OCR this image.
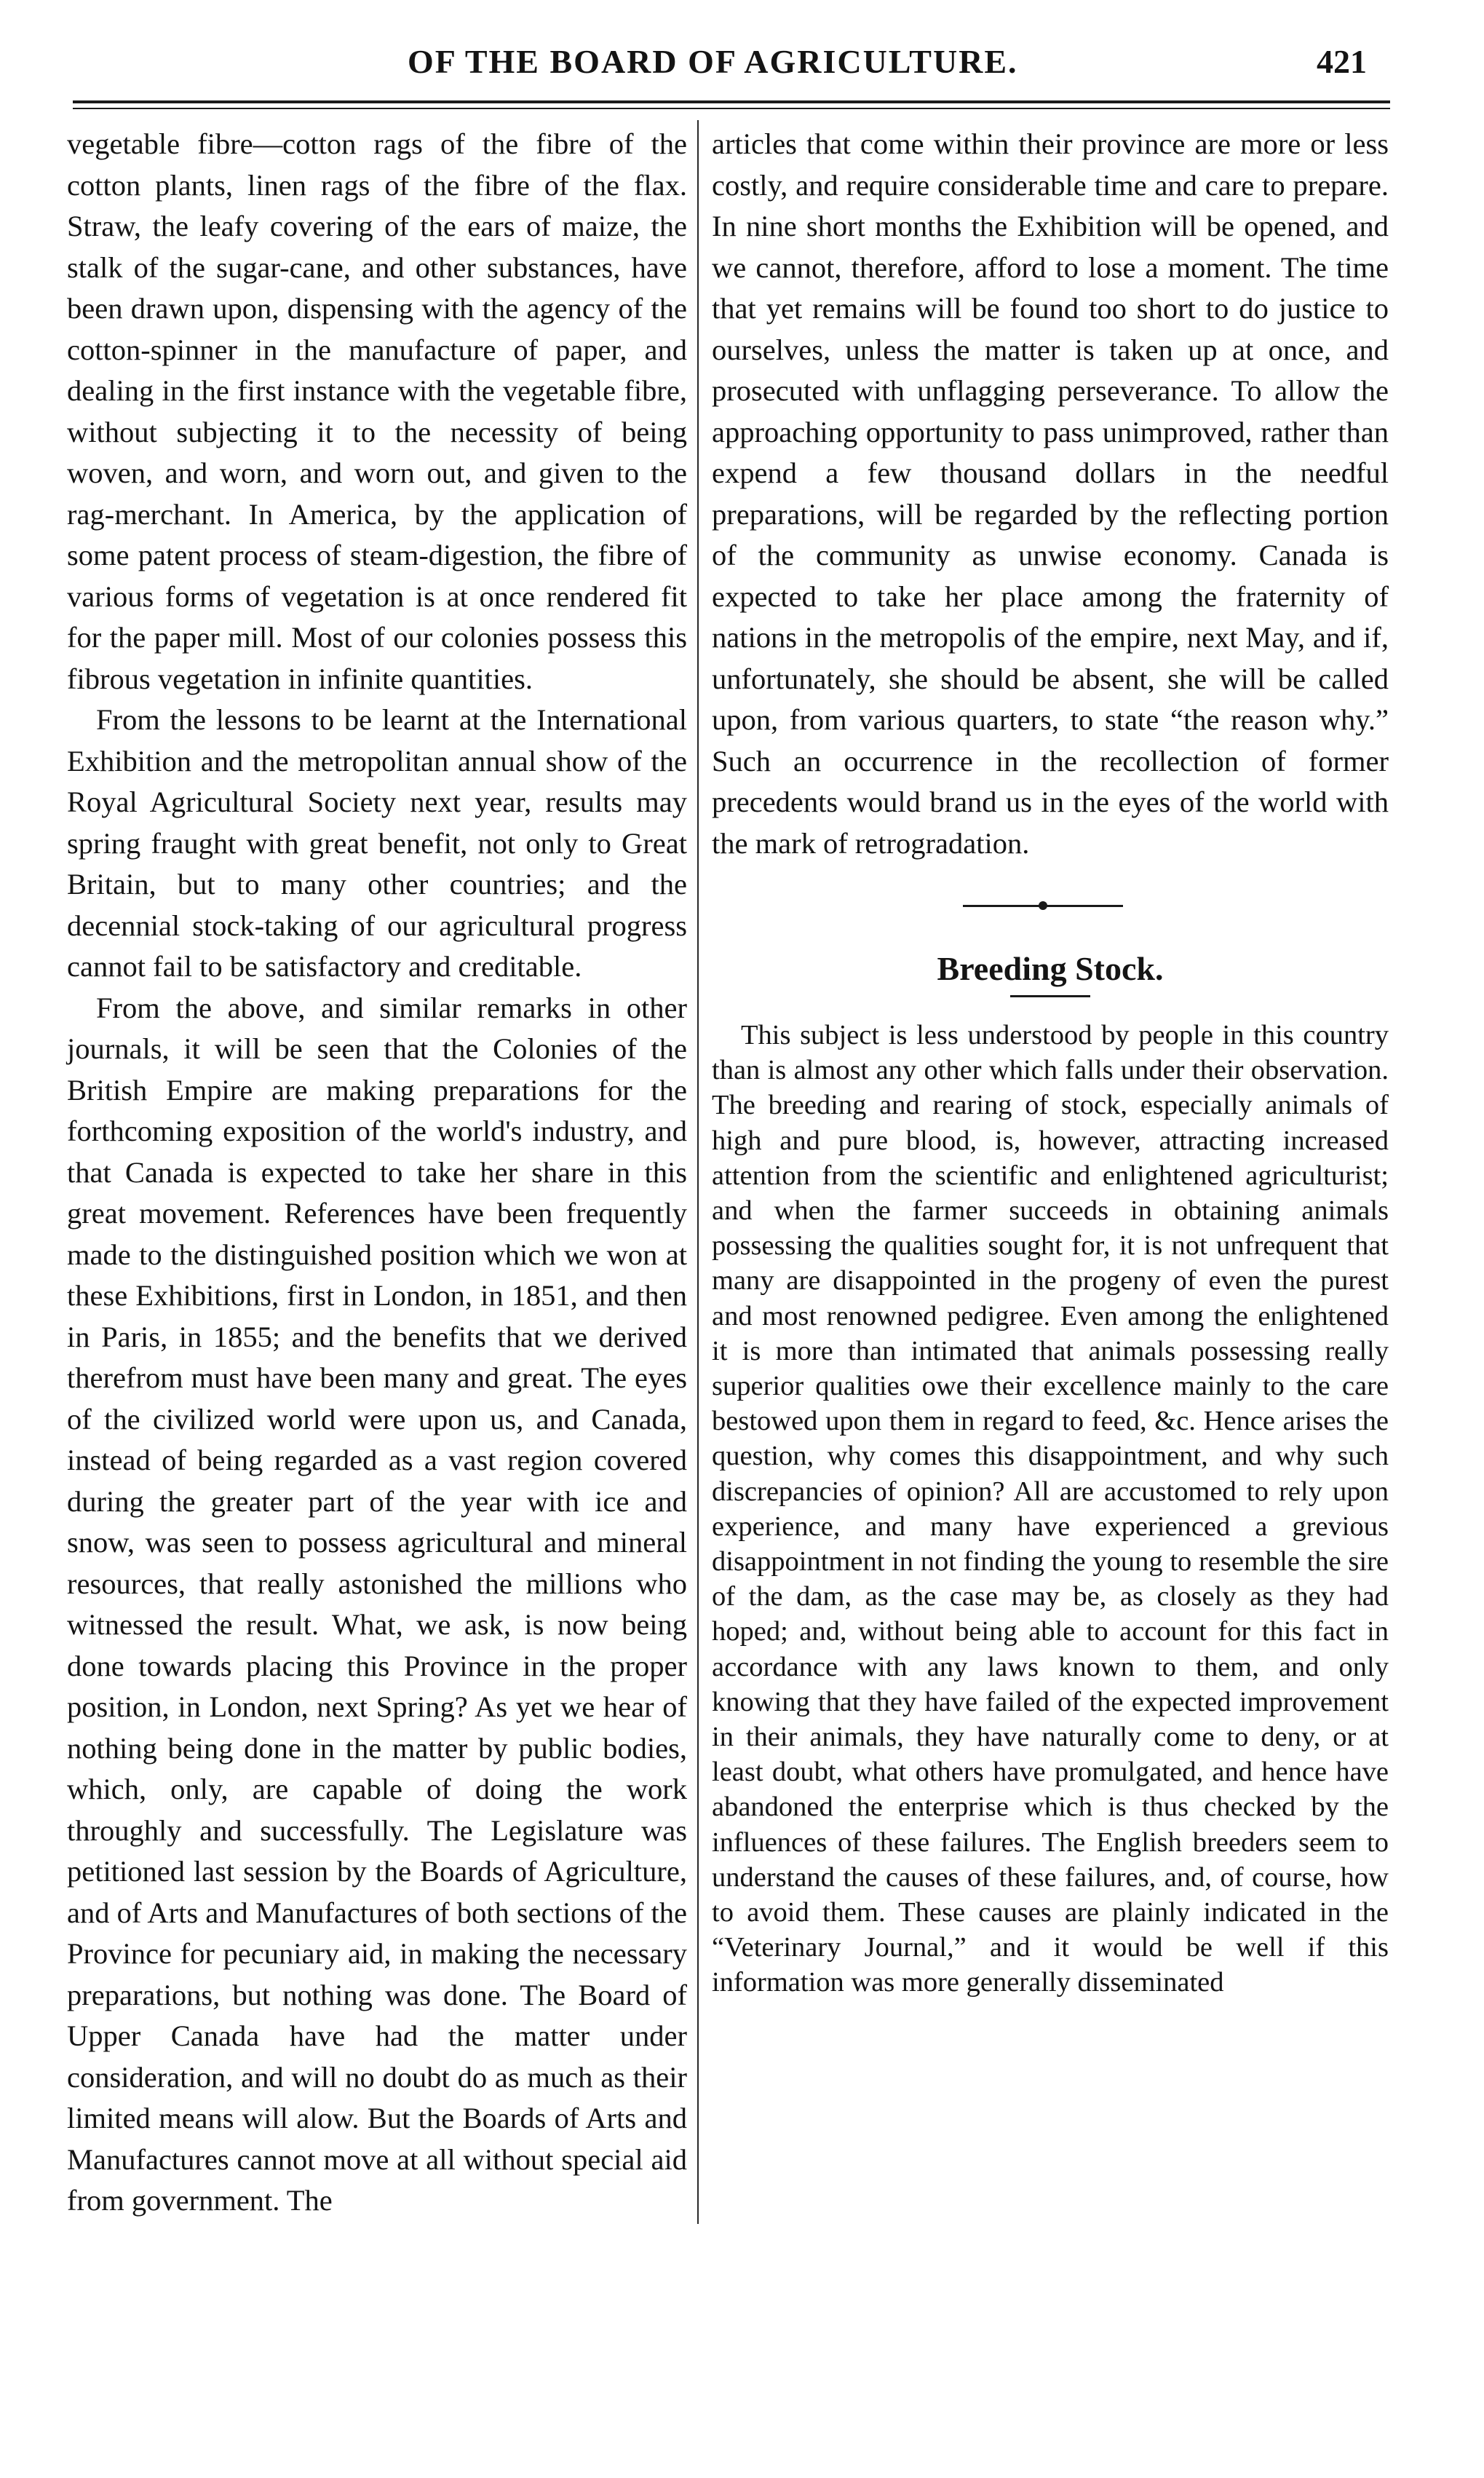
OF THE BOARD OF AGRICULTURE.	421

vegetable fibre—cotton rags of the fibre of the cotton plants, linen rags of the fibre of the flax. Straw, the leafy covering of the ears of maize, the stalk of the sugar-cane, and other substances, have been drawn upon, dispensing with the agency of the cotton-spinner in the manufacture of paper, and dealing in the first instance with the vegetable fibre, without subjecting it to the necessity of being woven, and worn, and worn out, and given to the rag-merchant. In America, by the application of some patent process of steam-digestion, the fibre of various forms of vegetation is at once rendered fit for the paper mill. Most of our colonies possess this fibrous vegetation in infinite quantities.

From the lessons to be learnt at the International Exhibition and the metropolitan annual show of the Royal Agricultural Society next year, results may spring fraught with great benefit, not only to Great Britain, but to many other countries; and the decennial stock-taking of our agricultural progress cannot fail to be satisfactory and creditable.

From the above, and similar remarks in other journals, it will be seen that the Colonies of the British Empire are making preparations for the forthcoming exposition of the world's industry, and that Canada is expected to take her share in this great movement. References have been frequently made to the distinguished position which we won at these Exhibitions, first in London, in 1851, and then in Paris, in 1855; and the benefits that we derived therefrom must have been many and great. The eyes of the civilized world were upon us, and Canada, instead of being regarded as a vast region covered during the greater part of the year with ice and snow, was seen to possess agricultural and mineral resources, that really astonished the millions who witnessed the result. What, we ask, is now being done towards placing this Province in the proper position, in London, next Spring? As yet we hear of nothing being done in the matter by public bodies, which, only, are capable of doing the work throughly and successfully. The Legislature was petitioned last session by the Boards of Agriculture, and of Arts and Manufactures of both sections of the Province for pecuniary aid, in making the necessary preparations, but nothing was done. The Board of Upper Canada have had the matter under consideration, and will no doubt do as much as their limited means will alow. But the Boards of Arts and Manufactures cannot move at all without special aid from government. The

articles that come within their province are more or less costly, and require considerable time and care to prepare. In nine short months the Exhibition will be opened, and we cannot, therefore, afford to lose a moment. The time that yet remains will be found too short to do justice to ourselves, unless the matter is taken up at once, and prosecuted with unflagging perseverance. To allow the approaching opportunity to pass unimproved, rather than expend a few thousand dollars in the needful preparations, will be regarded by the reflecting portion of the community as unwise economy. Canada is expected to take her place among the fraternity of nations in the metropolis of the empire, next May, and if, unfortunately, she should be absent, she will be called upon, from various quarters, to state “the reason why.” Such an occurrence in the recollection of former precedents would brand us in the eyes of the world with the mark of retrogradation.

Breeding Stock.

This subject is less understood by people in this country than is almost any other which falls under their observation. The breeding and rearing of stock, especially animals of high and pure blood, is, however, attracting increased attention from the scientific and enlightened agriculturist; and when the farmer succeeds in obtaining animals possessing the qualities sought for, it is not unfrequent that many are disappointed in the progeny of even the purest and most renowned pedigree. Even among the enlightened it is more than intimated that animals possessing really superior qualities owe their excellence mainly to the care bestowed upon them in regard to feed, &c. Hence arises the question, why comes this disappointment, and why such discrepancies of opinion? All are accustomed to rely upon experience, and many have experienced a grevious disappointment in not finding the young to resemble the sire of the dam, as the case may be, as closely as they had hoped; and, without being able to account for this fact in accordance with any laws known to them, and only knowing that they have failed of the expected improvement in their animals, they have naturally come to deny, or at least doubt, what others have promulgated, and hence have abandoned the enterprise which is thus checked by the influences of these failures. The English breeders seem to understand the causes of these failures, and, of course, how to avoid them. These causes are plainly indicated in the “Veterinary Journal,” and it would be well if this information was more generally disseminated
